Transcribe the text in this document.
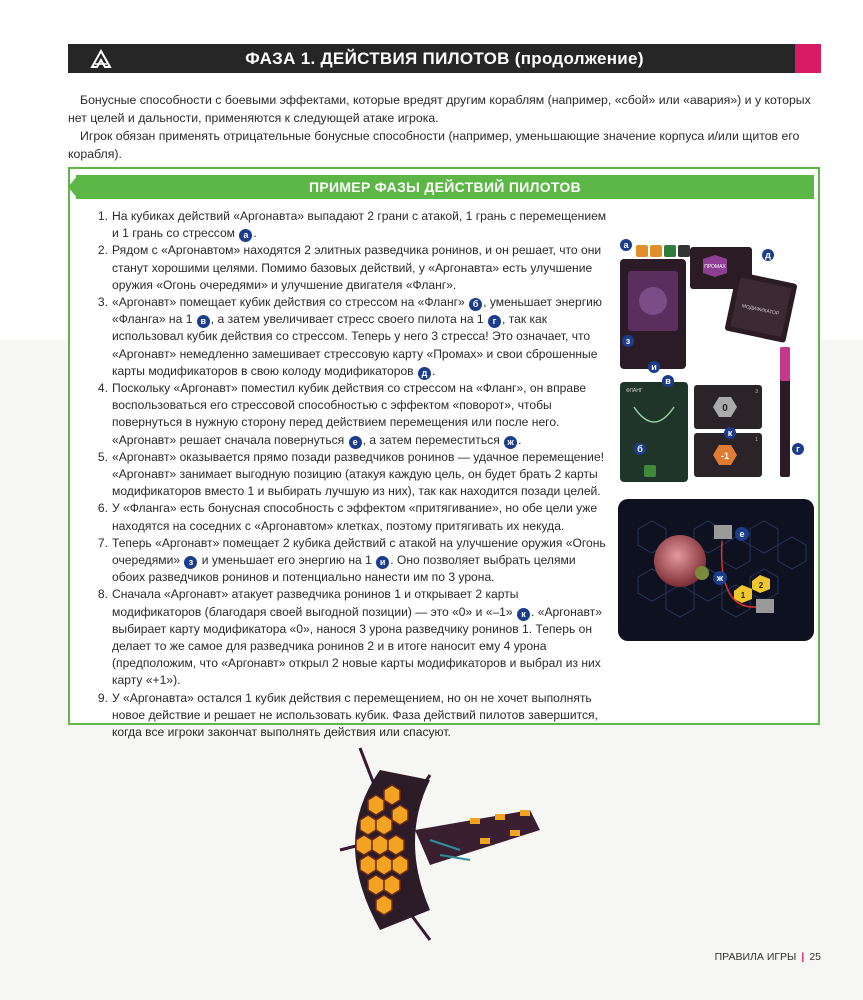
ФАЗА 1. ДЕЙСТВИЯ ПИЛОТОВ (продолжение)

Бонусные способности с боевыми эффектами, которые вредят другим кораблям (например, «сбой» или «авария») и у которых нет целей и дальности, применяются к следующей атаке игрока.

Игрок обязан применять отрицательные бонусные способности (например, уменьшающие значение корпуса и/или щитов его корабля).

ПРИМЕР ФАЗЫ ДЕЙСТВИЙ ПИЛОТОВ
1. На кубиках действий «Аргонавта» выпадают 2 грани с атакой, 1 грань с перемещением и 1 грань со стрессом а .
2. Рядом с «Аргонавтом» находятся 2 элитных разведчика ронинов, и он решает, что они станут хорошими целями. Помимо базовых действий, у «Аргонавта» есть улучшение оружия «Огонь очередями» и улучшение двигателя «Фланг».
3. «Аргонавт» помещает кубик действия со стрессом на «Фланг» б , уменьшает энергию «Фланга» на 1 в , а затем увеличивает стресс своего пилота на 1 г , так как использовал кубик действия со стрессом. Теперь у него 3 стресса! Это означает, что «Аргонавт» немедленно замешивает стрессовую карту «Промах» и свои сброшенные карты модификаторов в свою колоду модификаторов д .
4. Поскольку «Аргонавт» поместил кубик действия со стрессом на «Фланг», он вправе воспользоваться его стрессовой способностью с эффектом «поворот», чтобы повернуться в нужную сторону перед действием перемещения или после него. «Аргонавт» решает сначала повернуться е , а затем переместиться ж .
5. «Аргонавт» оказывается прямо позади разведчиков ронинов — удачное перемещение! «Аргонавт» занимает выгодную позицию (атакуя каждую цель, он будет брать 2 карты модификаторов вместо 1 и выбирать лучшую из них), так как находится позади целей.
6. У «Фланга» есть бонусная способность с эффектом «притягивание», но обе цели уже находятся на соседних с «Аргонавтом» клетках, поэтому притягивать их некуда.
7. Теперь «Аргонавт» помещает 2 кубика действий с атакой на улучшение оружия «Огонь очередями» з и уменьшает его энергию на 1 и . Оно позволяет выбрать целями обоих разведчиков ронинов и потенциально нанести им по 3 урона.
8. Сначала «Аргонавт» атакует разведчика ронинов 1 и открывает 2 карты модификаторов (благодаря своей выгодной позиции) — это «0» и «–1» к . «Аргонавт» выбирает карту модификатора «0», нанося 3 урона разведчику ронинов 1. Теперь он делает то же самое для разведчика ронинов 2 и в итоге наносит ему 4 урона (предположим, что «Аргонавт» открыл 2 новые карты модификаторов и выбрал из них карту «+1»).
9. У «Аргонавта» остался 1 кубик действия с перемещением, но он не хочет выполнять новое действие и решает не использовать кубик. Фаза действий пилотов завершится, когда все игроки закончат выполнять действия или спасуют.
ПРОМАХ
МОДИФИКАТОР
ФЛАНГ
0
3
-1
1
а
д
з
и
в
б
к
г
1
2
е
ж
ПРАВИЛА ИГРЫ | 25
